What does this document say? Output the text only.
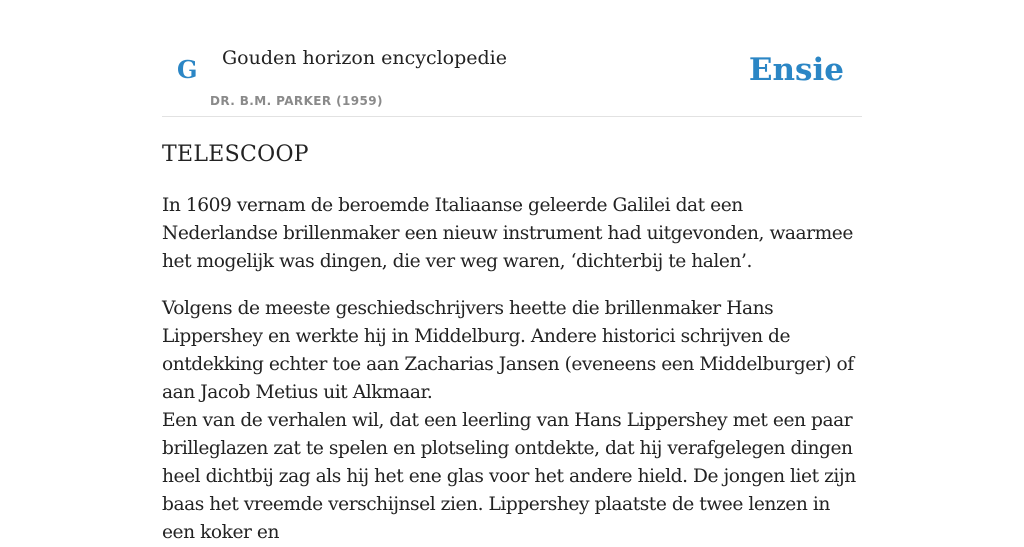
G Gouden horizon encyclopedie
DR. B.M. PARKER (1959)
Ensie
TELESCOOP

In 1609 vernam de beroemde Italiaanse geleerde Galilei dat een Nederlandse brillenmaker een nieuw instrument had uitgevonden, waarmee het mogelijk was dingen, die ver weg waren, ‘dichterbij te halen’.

Volgens de meeste geschiedschrijvers heette die brillenmaker Hans Lippershey en werkte hij in Middelburg. Andere historici schrijven de ontdekking echter toe aan Zacharias Jansen (eveneens een Middelburger) of aan Jacob Metius uit Alkmaar.

Een van de verhalen wil, dat een leerling van Hans Lippershey met een paar brilleglazen zat te spelen en plotseling ontdekte, dat hij verafgelegen dingen heel dichtbij zag als hij het ene glas voor het andere hield. De jongen liet zijn baas het vreemde verschijnsel zien. Lippershey plaatste de twee lenzen in een koker en
